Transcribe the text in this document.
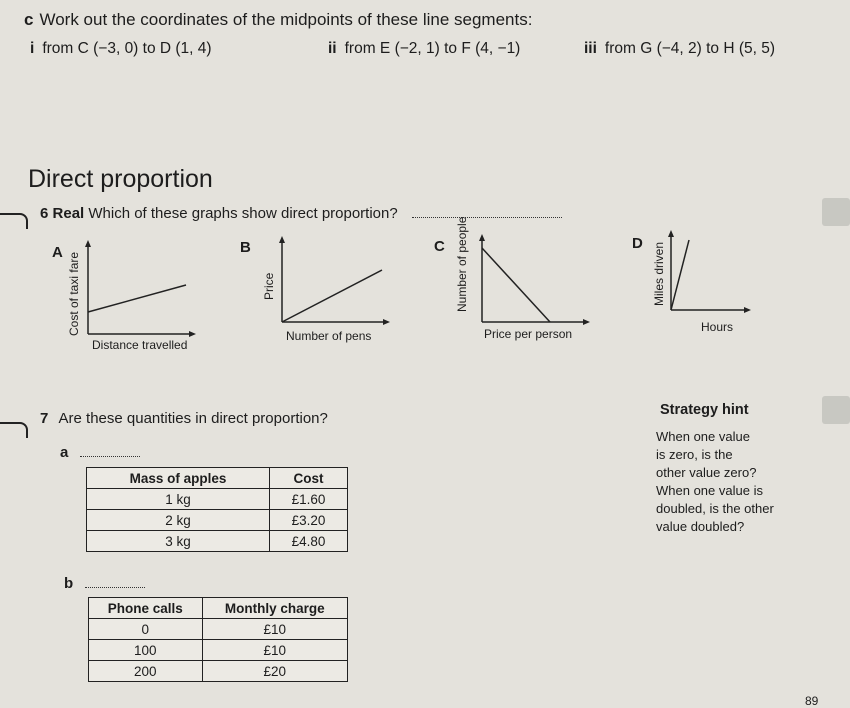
c Work out the coordinates of the midpoints of these line segments:
i from C (−3, 0) to D (1, 4)	ii from E (−2, 1) to F (4, −1)	iii from G (−4, 2) to H (5, 5)
Direct proportion
6 Real Which of these graphs show direct proportion?
A Cost of taxi fare
Distance travelled
B
Price
Number of pens
C Number of people
Price per person
D Miles driven
Hours
7 Are these quantities in direct proportion?
a
Mass of apples	Cost
1 kg	£1.60
2 kg	£3.20
3 kg	£4.80
b
Phone calls	Monthly charge
0	£10
100	£10
200	£20
Strategy hint
When one value
is zero, is the
other value zero?
When one value is
doubled, is the other
value doubled?
89
